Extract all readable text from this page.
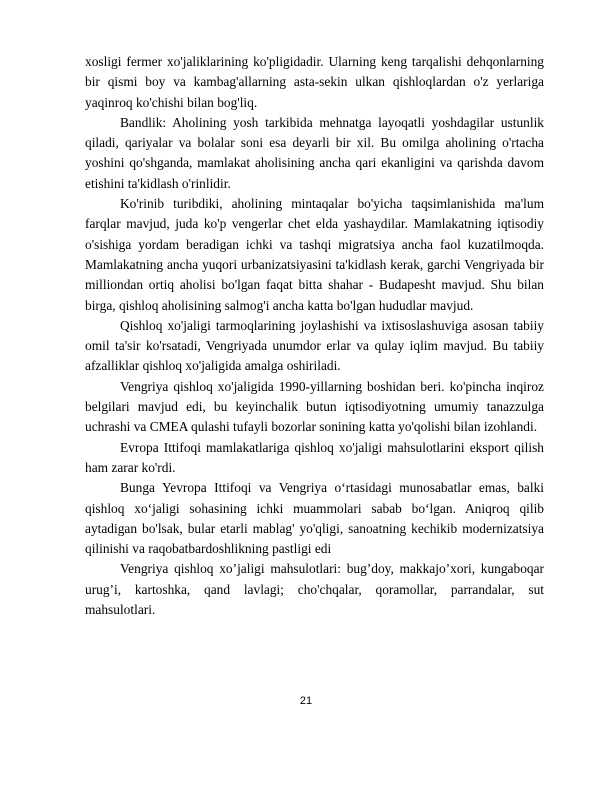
xosligi fermer xo'jaliklarining ko'pligidadir. Ularning keng tarqalishi dehqonlarning bir qismi boy va kambag'allarning asta-sekin ulkan qishloqlardan o'z yerlariga yaqinroq ko'chishi bilan bog'liq.

Bandlik: Aholining yosh tarkibida mehnatga layoqatli yoshdagilar ustunlik qiladi, qariyalar va bolalar soni esa deyarli bir xil. Bu omilga aholining o'rtacha yoshini qo'shganda, mamlakat aholisining ancha qari ekanligini va qarishda davom etishini ta'kidlash o'rinlidir.

Ko'rinib turibdiki, aholining mintaqalar bo'yicha taqsimlanishida ma'lum farqlar mavjud, juda ko'p vengerlar chet elda yashaydilar. Mamlakatning iqtisodiy o'sishiga yordam beradigan ichki va tashqi migratsiya ancha faol kuzatilmoqda. Mamlakatning ancha yuqori urbanizatsiyasini ta'kidlash kerak, garchi Vengriyada bir milliondan ortiq aholisi bo'lgan faqat bitta shahar - Budapesht mavjud. Shu bilan birga, qishloq aholisining salmog'i ancha katta bo'lgan hududlar mavjud.

Qishloq xo'jaligi tarmoqlarining joylashishi va ixtisoslashuviga asosan tabiiy omil ta'sir ko'rsatadi, Vengriyada unumdor erlar va qulay iqlim mavjud. Bu tabiiy afzalliklar qishloq xo'jaligida amalga oshiriladi.

Vengriya qishloq xo'jaligida 1990-yillarning boshidan beri. ko'pincha inqiroz belgilari mavjud edi, bu keyinchalik butun iqtisodiyotning umumiy tanazzulga uchrashi va CMEA qulashi tufayli bozorlar sonining katta yo'qolishi bilan izohlandi.

Evropa Ittifoqi mamlakatlariga qishloq xo'jaligi mahsulotlarini eksport qilish ham zarar ko'rdi.

Bunga Yevropa Ittifoqi va Vengriya o‘rtasidagi munosabatlar emas, balki qishloq xo‘jaligi sohasining ichki muammolari sabab bo‘lgan. Aniqroq qilib aytadigan bo'lsak, bular etarli mablag' yo'qligi, sanoatning kechikib modernizatsiya qilinishi va raqobatbardoshlikning pastligi edi

Vengriya qishloq xo’jaligi mahsulotlari: bug’doy, makkajo’xori, kungaboqar urug’i, kartoshka, qand lavlagi; cho'chqalar, qoramollar, parrandalar, sut mahsulotlari.

21
